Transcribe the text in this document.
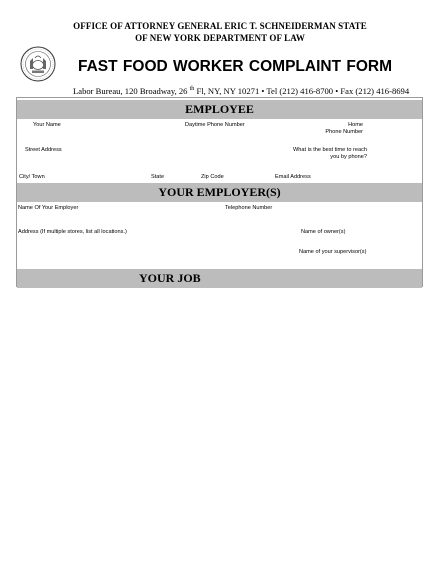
OFFICE OF ATTORNEY GENERAL ERIC T. SCHNEIDERMAN STATE
OF NEW YORK DEPARTMENT OF LAW
FAST FOOD WORKER COMPLAINT FORM
Labor Bureau, 120 Broadway, 26 $^{th}$ Fl, NY, NY 10271 • Tel (212) 416-8700 • Fax (212) 416-8694
EMPLOYEE
Your Name	Daytime Phone Number	Home
Phone Number
Street Address	What is the best time to reach
you by phone?
City/ Town	State	Zip Code	Email Address
YOUR EMPLOYER(S)
Name Of Your Employer	Telephone Number
Address (If multiple stores, list all locations.)	Name of owner(s)
Name of your supervisor(s)
YOUR JOB
